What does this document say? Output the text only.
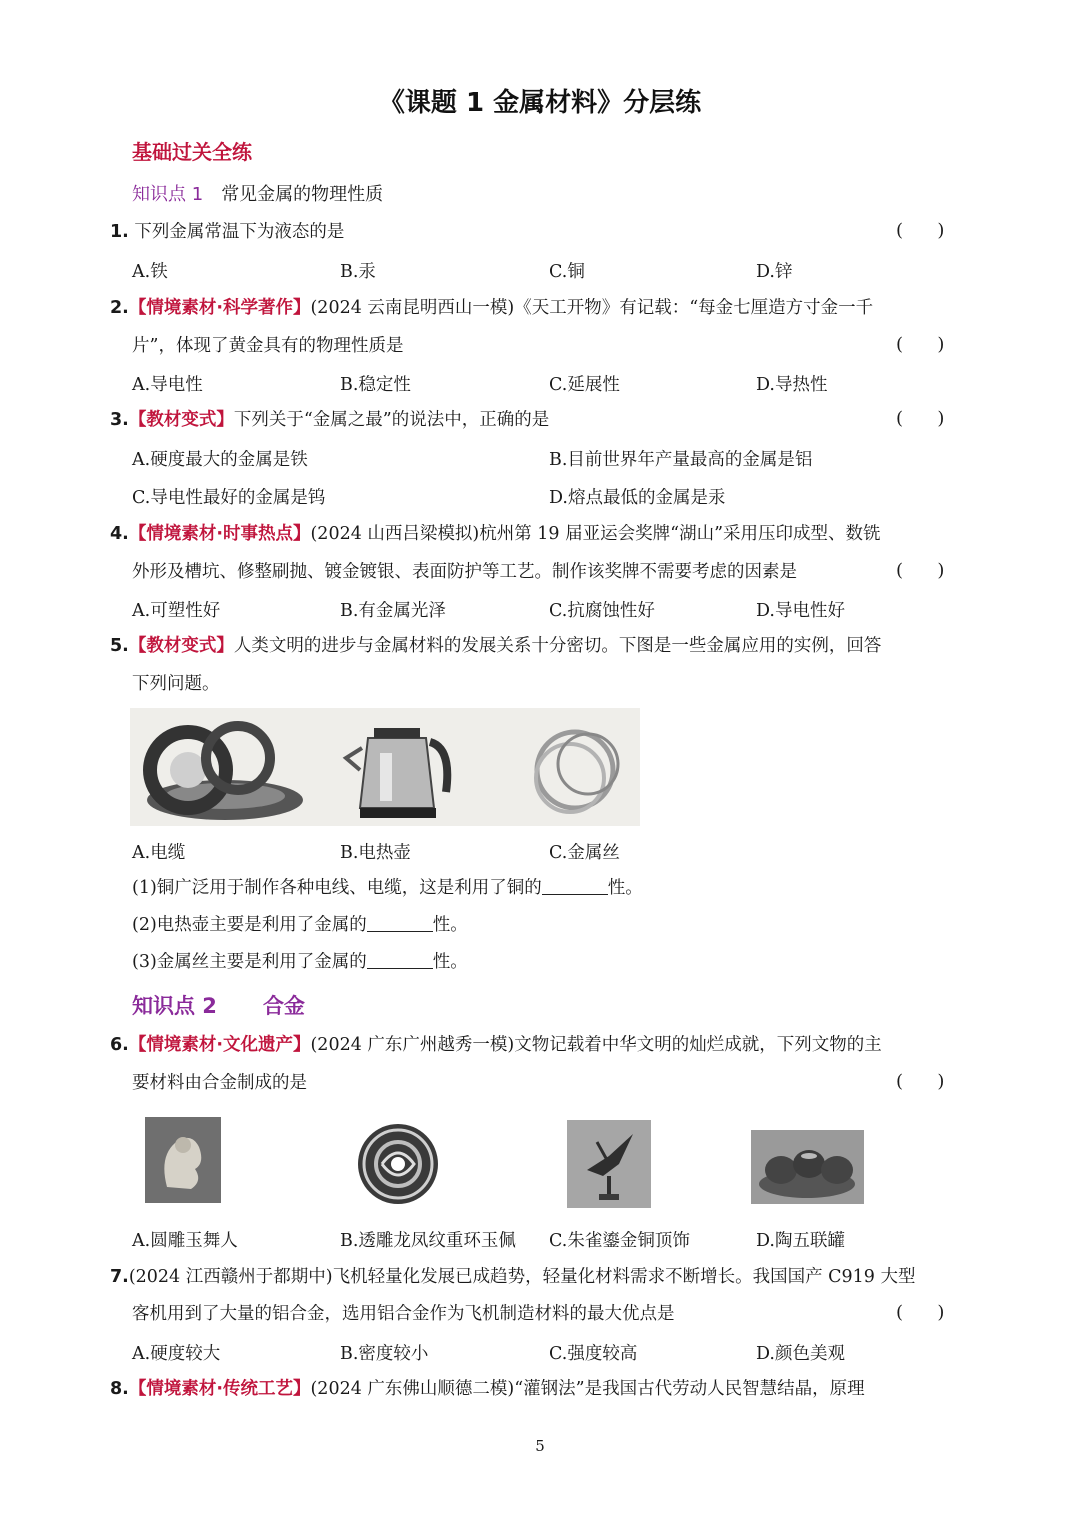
《课题 1 金属材料》分层练
基础过关全练
知识点 1 常见金属的物理性质
1. 下列金属常温下为液态的是	(      )
A.铁	B.汞	C.铜	D.锌
2.【情境素材·科学著作】(2024 云南昆明西山一模)《天工开物》有记载：“每金七厘造方寸金一千
片”，体现了黄金具有的物理性质是	(      )
A.导电性	B.稳定性	C.延展性	D.导热性
3.【教材变式】下列关于“金属之最”的说法中，正确的是	(      )
A.硬度最大的金属是铁	B.目前世界年产量最高的金属是铝
C.导电性最好的金属是钨	D.熔点最低的金属是汞
4.【情境素材·时事热点】(2024 山西吕梁模拟)杭州第 19 届亚运会奖牌“湖山”采用压印成型、数铣
外形及槽坑、修整刷抛、镀金镀银、表面防护等工艺。制作该奖牌不需要考虑的因素是	(      )
A.可塑性好	B.有金属光泽	C.抗腐蚀性好	D.导电性好
5.【教材变式】人类文明的进步与金属材料的发展关系十分密切。下图是一些金属应用的实例，回答
下列问题。
A.电缆	B.电热壶	C.金属丝
(1)铜广泛用于制作各种电线、电缆，这是利用了铜的	性。
(2)电热壶主要是利用了金属的	性。
(3)金属丝主要是利用了金属的	性。
知识点 2 合金
6.【情境素材·文化遗产】(2024 广东广州越秀一模)文物记载着中华文明的灿烂成就，下列文物的主
要材料由合金制成的是	(      )
A.圆雕玉舞人	B.透雕龙凤纹重环玉佩 C.朱雀鎏金铜顶饰	D.陶五联罐
7.(2024 江西赣州于都期中)飞机轻量化发展已成趋势，轻量化材料需求不断增长。我国国产 C919 大型
客机用到了大量的铝合金，选用铝合金作为飞机制造材料的最大优点是	(      )
A.硬度较大	B.密度较小	C.强度较高	D.颜色美观
8.【情境素材·传统工艺】(2024 广东佛山顺德二模)“灌钢法”是我国古代劳动人民智慧结晶，原理
5
